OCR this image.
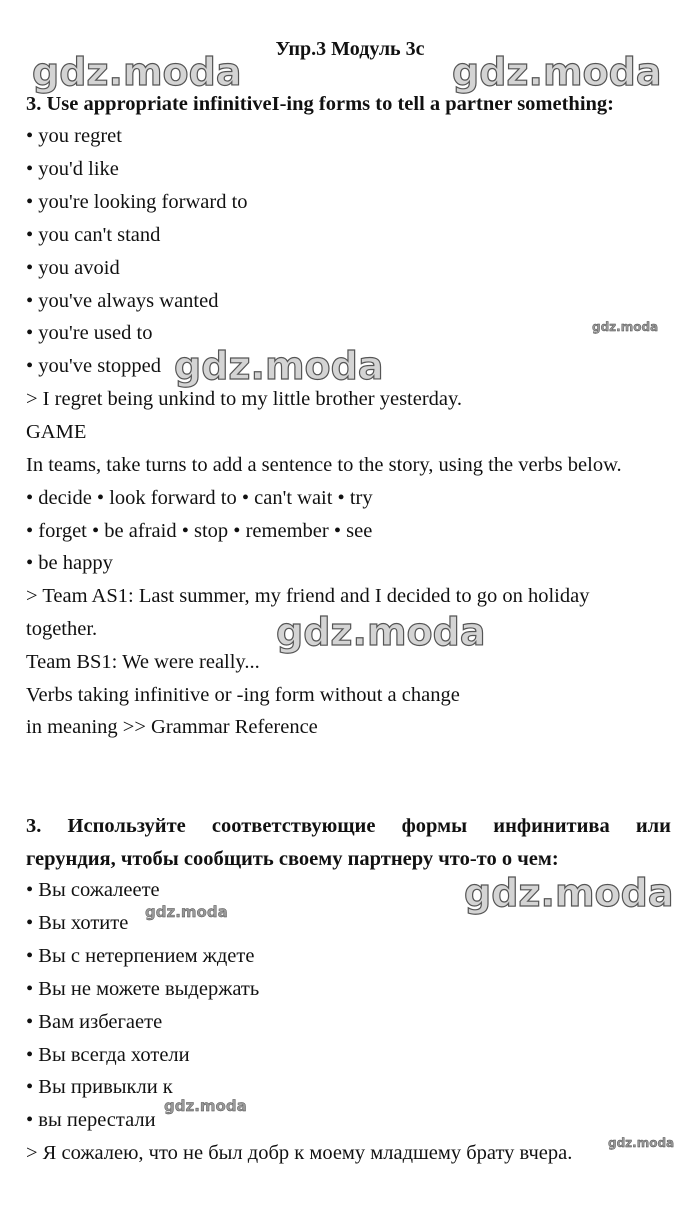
Упр.3 Модуль 3с
3. Use appropriate infinitiveI-ing forms to tell a partner something:
• you regret
• you'd like
• you're looking forward to
• you can't stand
• you avoid
• you've always wanted
• you're used to
• you've stopped
> I regret being unkind to my little brother yesterday.
GAME
In teams, take turns to add a sentence to the story, using the verbs below.
• decide • look forward to • can't wait • try
• forget • be afraid • stop • remember • see
• be happy
> Team AS1: Last summer, my friend and I decided to go on holiday
together.
Team BS1: We were really...
Verbs taking infinitive or -ing form without a change
in meaning >> Grammar Reference
3. Используйте соответствующие формы инфинитива или
герундия, чтобы сообщить своему партнеру что-то о чем:
• Вы сожалеете
• Вы хотите
• Вы с нетерпением ждете
• Вы не можете выдержать
• Вам избегаете
• Вы всегда хотели
• Вы привыкли к
• вы перестали
> Я сожалею, что не был добр к моему младшему брату вчера.
gdz.moda	gdz.moda
gdz.moda
gdz.moda
gdz.moda
gdz.moda
gdz.moda
gdz.moda
gdz.moda
